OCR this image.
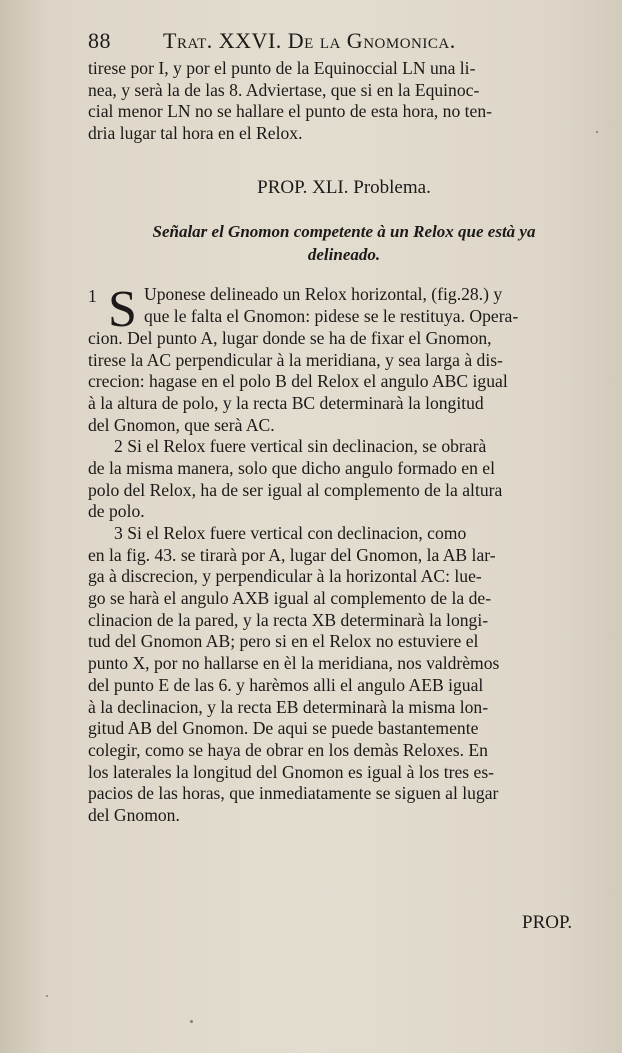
88 Trat. XXVI. De la Gnomonica.
tirese por I, y por el punto de la Equinoccial LN una li-
nea, y serà la de las 8. Adviertase, que si en la Equinoc-
cial menor LN no se hallare el punto de esta hora, no ten-
dria lugar tal hora en el Relox.
PROP. XLI. Problema.
Señalar el Gnomon competente à un Relox que està ya
delineado.
1 S Uponese delineado un Relox horizontal, (fig.28.) y
que le falta el Gnomon: pidese se le restituya. Opera-
cion. Del punto A, lugar donde se ha de fixar el Gnomon,
tirese la AC perpendicular à la meridiana, y sea larga à dis-
crecion: hagase en el polo B del Relox el angulo ABC igual
à la altura de polo, y la recta BC determinarà la longitud
del Gnomon, que serà AC.
2 Si el Relox fuere vertical sin declinacion, se obrarà
de la misma manera, solo que dicho angulo formado en el
polo del Relox, ha de ser igual al complemento de la altura
de polo.
3 Si el Relox fuere vertical con declinacion, como
en la fig. 43. se tirarà por A, lugar del Gnomon, la AB lar-
ga à discrecion, y perpendicular à la horizontal AC: lue-
go se harà el angulo AXB igual al complemento de la de-
clinacion de la pared, y la recta XB determinarà la longi-
tud del Gnomon AB; pero si en el Relox no estuviere el
punto X, por no hallarse en èl la meridiana, nos valdrèmos
del punto E de las 6. y harèmos alli el angulo AEB igual
à la declinacion, y la recta EB determinarà la misma lon-
gitud AB del Gnomon. De aqui se puede bastantemente
colegir, como se haya de obrar en los demàs Reloxes. En
los laterales la longitud del Gnomon es igual à los tres es-
pacios de las horas, que inmediatamente se siguen al lugar
del Gnomon.
PROP.
